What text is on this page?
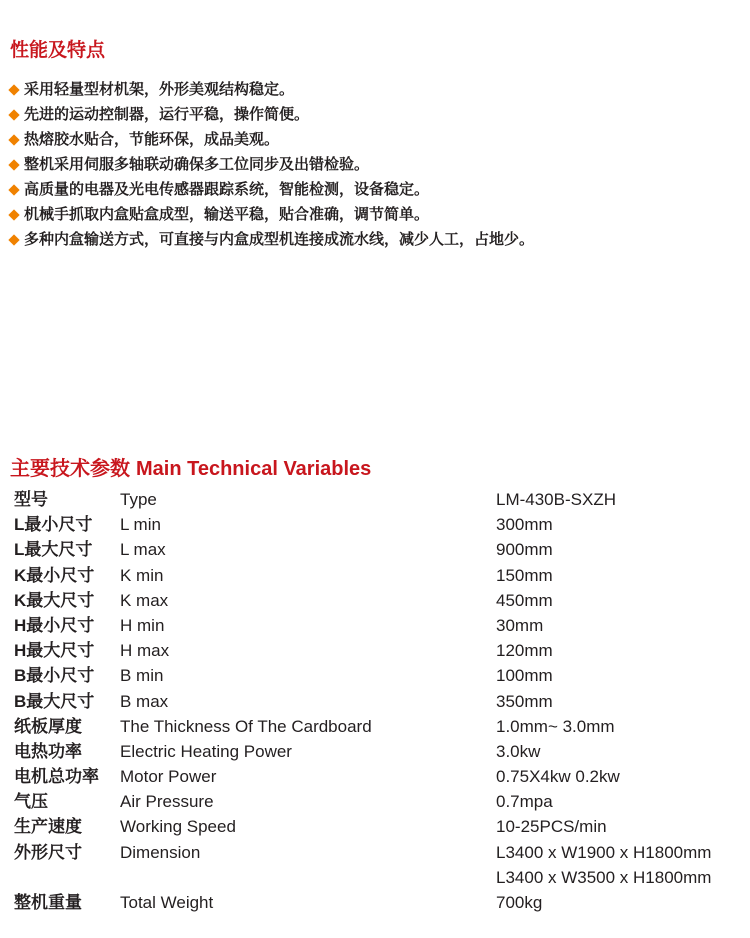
性能及特点
采用轻量型材机架，外形美观结构稳定。
先进的运动控制器，运行平稳，操作简便。
热熔胶水贴合，节能环保，成品美观。
整机采用伺服多轴联动确保多工位同步及出错检验。
高质量的电器及光电传感器跟踪系统，智能检测，设备稳定。
机械手抓取内盒贴盒成型，输送平稳，贴合准确，调节简单。
多种内盒输送方式，可直接与内盒成型机连接成流水线，减少人工，占地少。
主要技术参数 Main Technical Variables
型号	Type	LM-430B-SXZH
L最小尺寸 L min	300mm
L最大尺寸 L max	900mm
K最小尺寸 K min	150mm
K最大尺寸 K max	450mm
H最小尺寸 H min	30mm
H最大尺寸 H max	120mm
B最小尺寸 B min	100mm
B最大尺寸 B max	350mm
纸板厚度 The Thickness Of The Cardboard	1.0mm~ 3.0mm
电热功率 Electric Heating Power	3.0kw
电机总功率 Motor Power	0.75X4kw 0.2kw
气压	Air Pressure	0.7mpa
生产速度 Working Speed	10-25PCS/min
外形尺寸 Dimension	L3400 x W1900 x H1800mm
L3400 x W3500 x H1800mm
整机重量 Total Weight	700kg
